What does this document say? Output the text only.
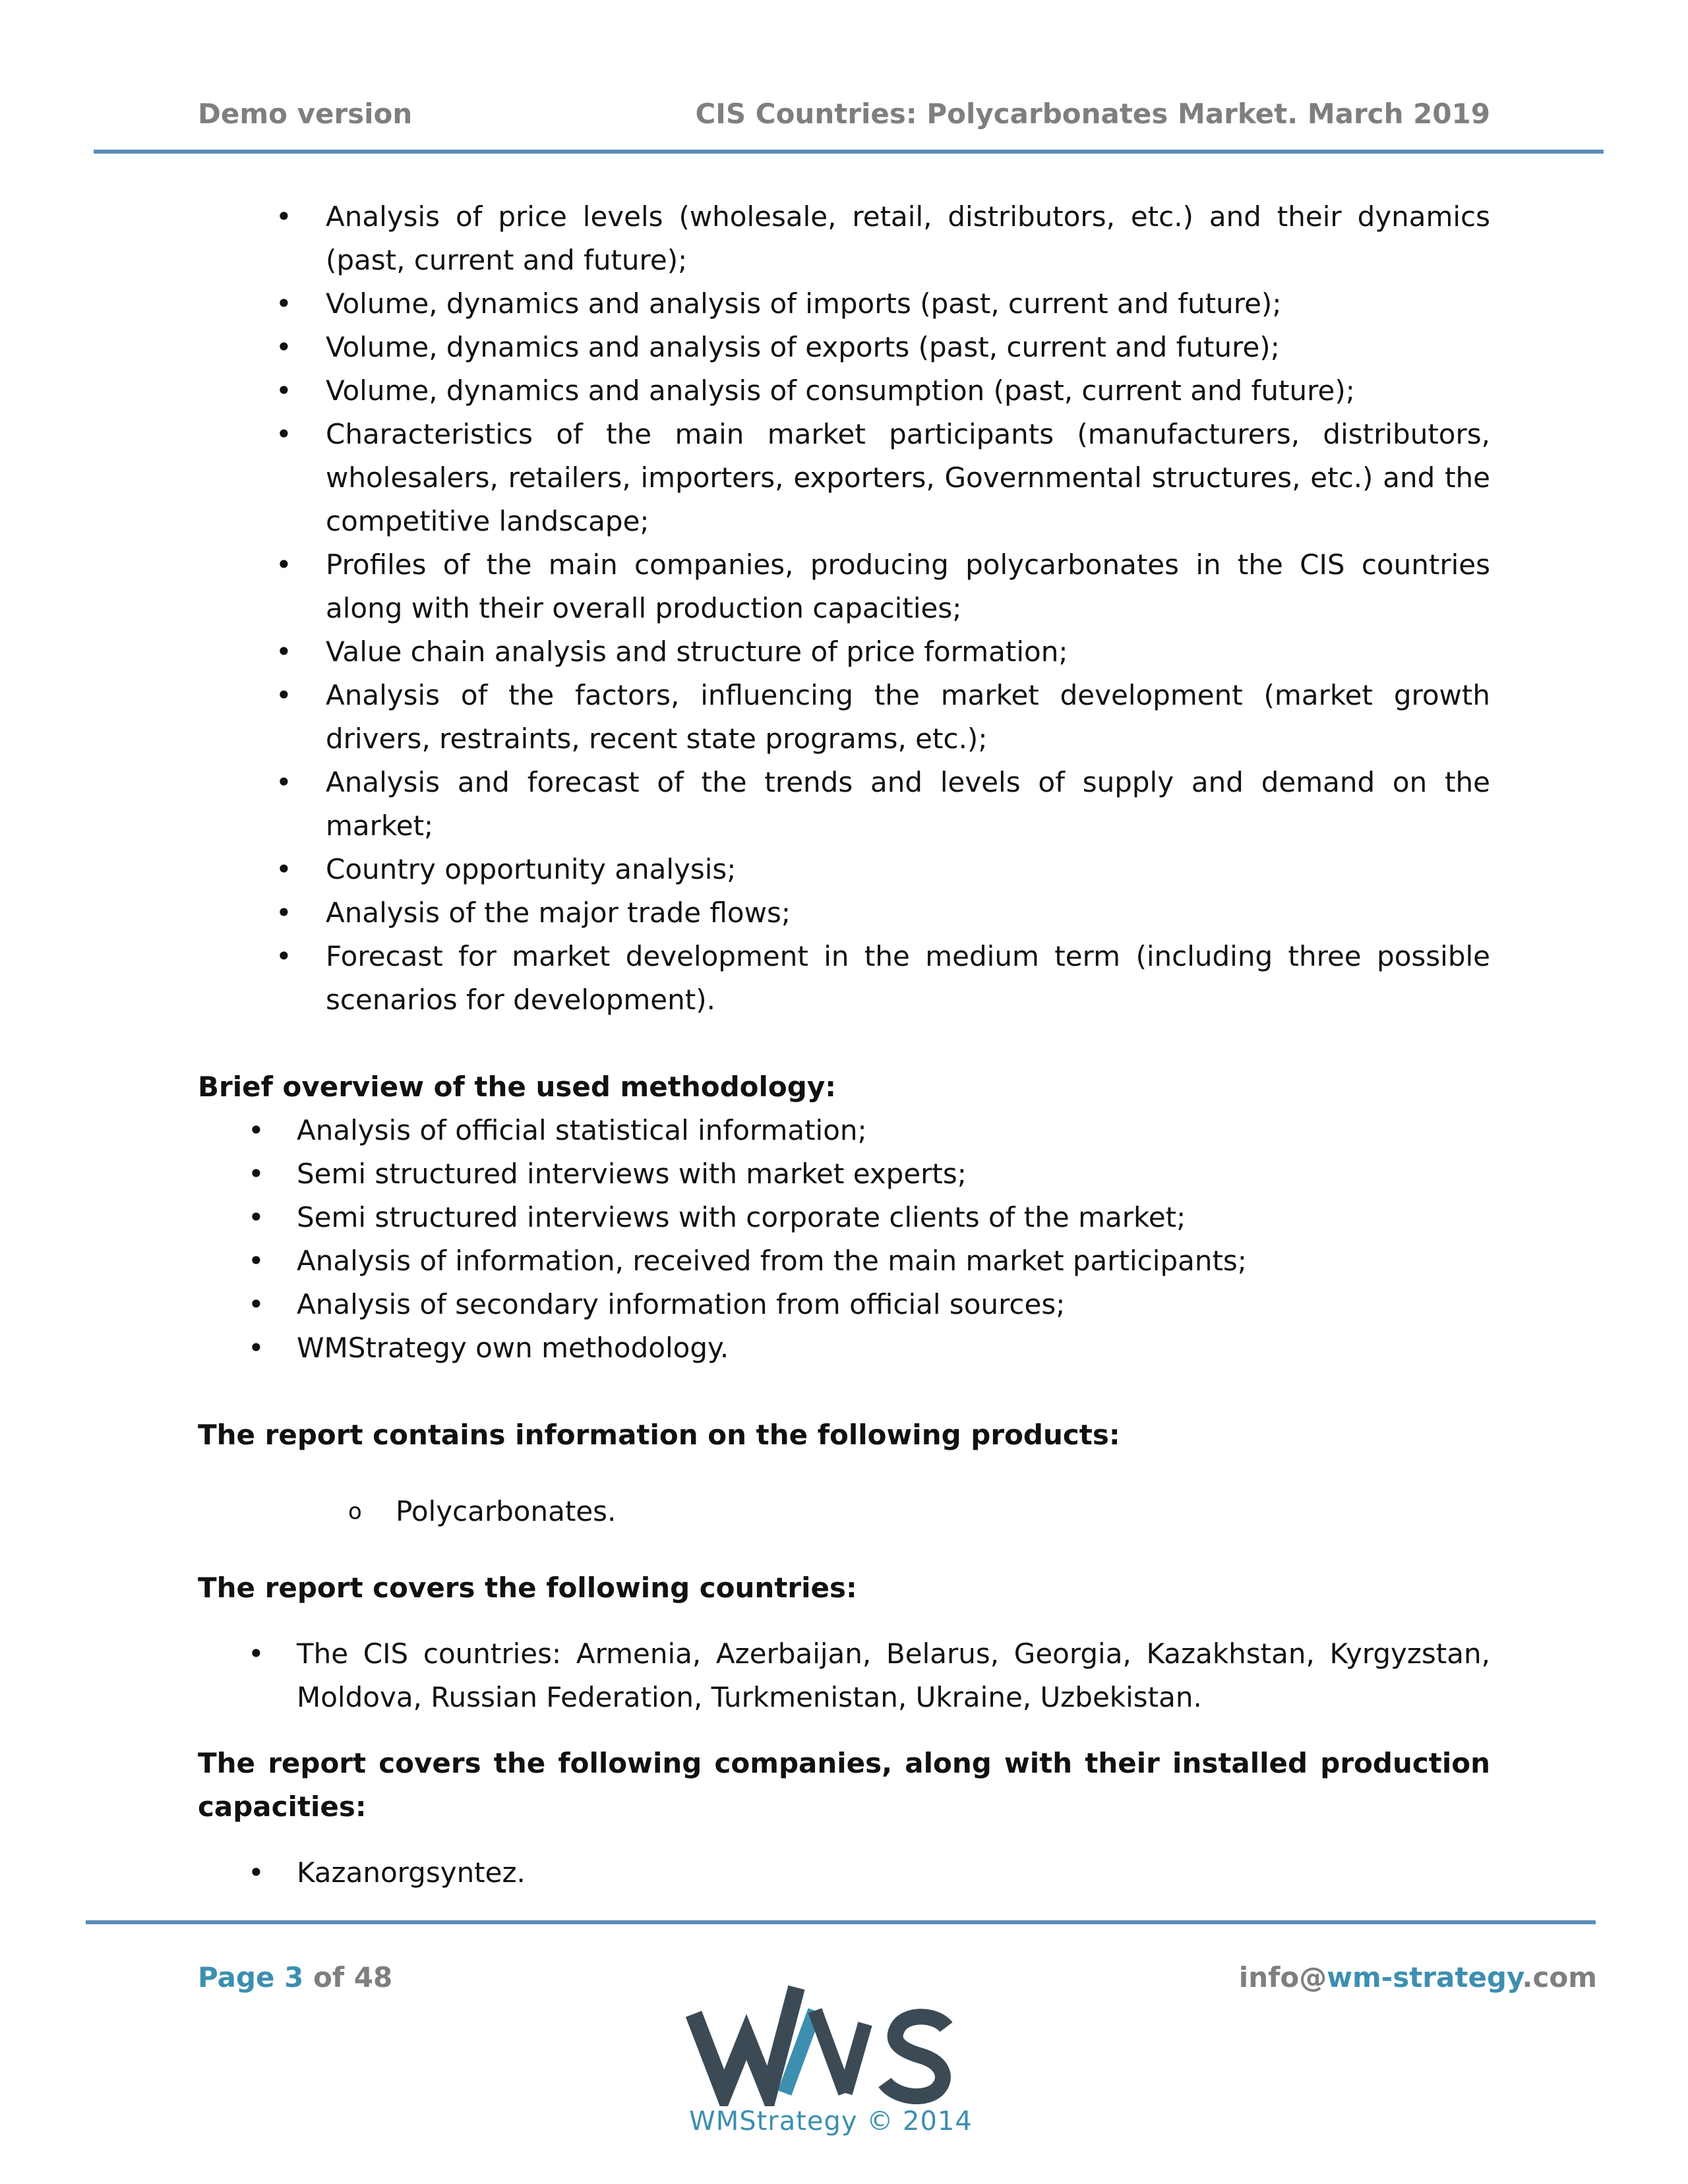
Demo version	CIS Countries: Polycarbonates Market. March 2019
• Analysis of price levels (wholesale, retail, distributors, etc.) and their dynamics (past, current and future);
• Volume, dynamics and analysis of imports (past, current and future);
• Volume, dynamics and analysis of exports (past, current and future);
• Volume, dynamics and analysis of consumption (past, current and future);
• Characteristics of the main market participants (manufacturers, distributors, wholesalers, retailers, importers, exporters, Governmental structures, etc.) and the competitive landscape;
• Profiles of the main companies, producing polycarbonates in the CIS countries along with their overall production capacities;
• Value chain analysis and structure of price formation;
• Analysis of the factors, influencing the market development (market growth drivers, restraints, recent state programs, etc.);
• Analysis and forecast of the trends and levels of supply and demand on the market;
• Country opportunity analysis;
• Analysis of the major trade flows;
• Forecast for market development in the medium term (including three possible scenarios for development).

Brief overview of the used methodology:

• Analysis of official statistical information;
• Semi structured interviews with market experts;
• Semi structured interviews with corporate clients of the market;
• Analysis of information, received from the main market participants;
• Analysis of secondary information from official sources;
• WMStrategy own methodology.

The report contains information on the following products:

o Polycarbonates.

The report covers the following countries:

• The CIS countries: Armenia, Azerbaijan, Belarus, Georgia, Kazakhstan, Kyrgyzstan, Moldova, Russian Federation, Turkmenistan, Ukraine, Uzbekistan.

The report covers the following companies, along with their installed production capacities:

• Kazanorgsyntez.
Page 3 of 48	info@wm-strategy.com
WMStrategy © 2014
